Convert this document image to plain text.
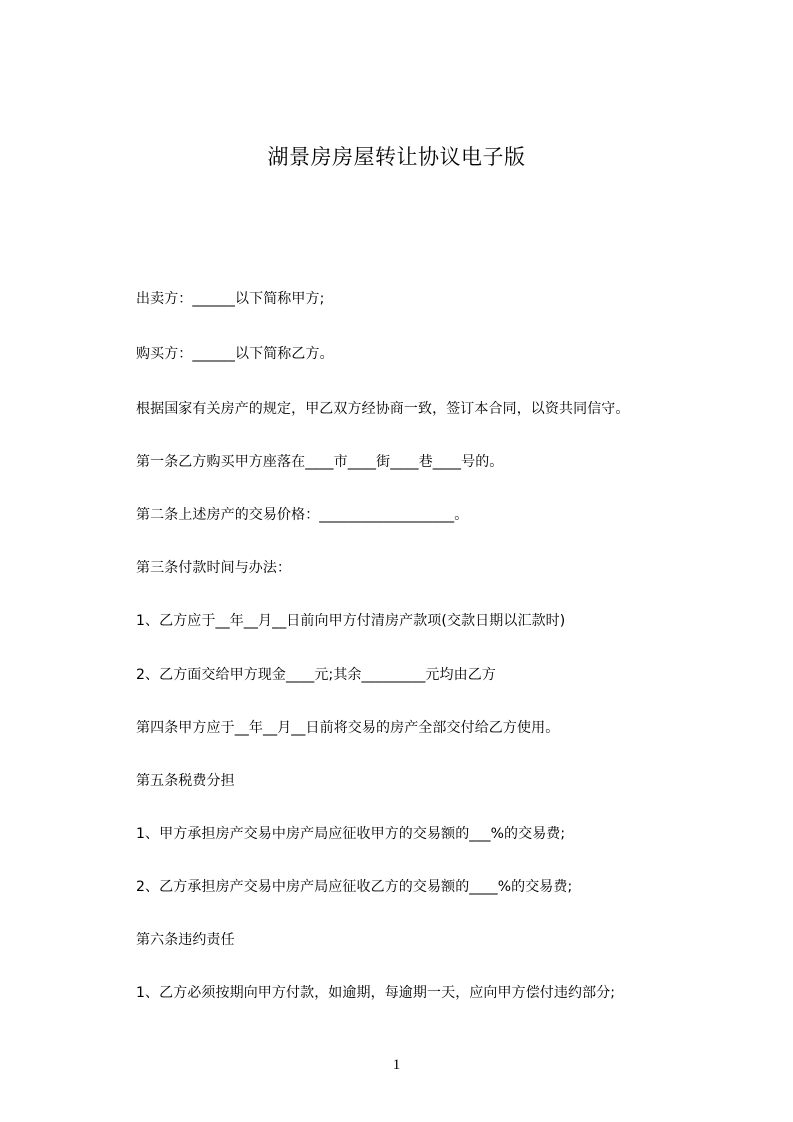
湖景房房屋转让协议电子版
出卖方：______以下简称甲方;
购买方：______以下简称乙方。
根据国家有关房产的规定，甲乙双方经协商一致，签订本合同，以资共同信守。
第一条乙方购买甲方座落在____市____街____巷____号的。
第二条上述房产的交易价格：___________________。
第三条付款时间与办法：
1、乙方应于__年__月__日前向甲方付清房产款项(交款日期以汇款时)
2、乙方面交给甲方现金____元;其余_________元均由乙方
第四条甲方应于__年__月__日前将交易的房产全部交付给乙方使用。
第五条税费分担
1、甲方承担房产交易中房产局应征收甲方的交易额的___%的交易费;
2、乙方承担房产交易中房产局应征收乙方的交易额的____%的交易费;
第六条违约责任
1、乙方必须按期向甲方付款，如逾期，每逾期一天，应向甲方偿付违约部分;
1
